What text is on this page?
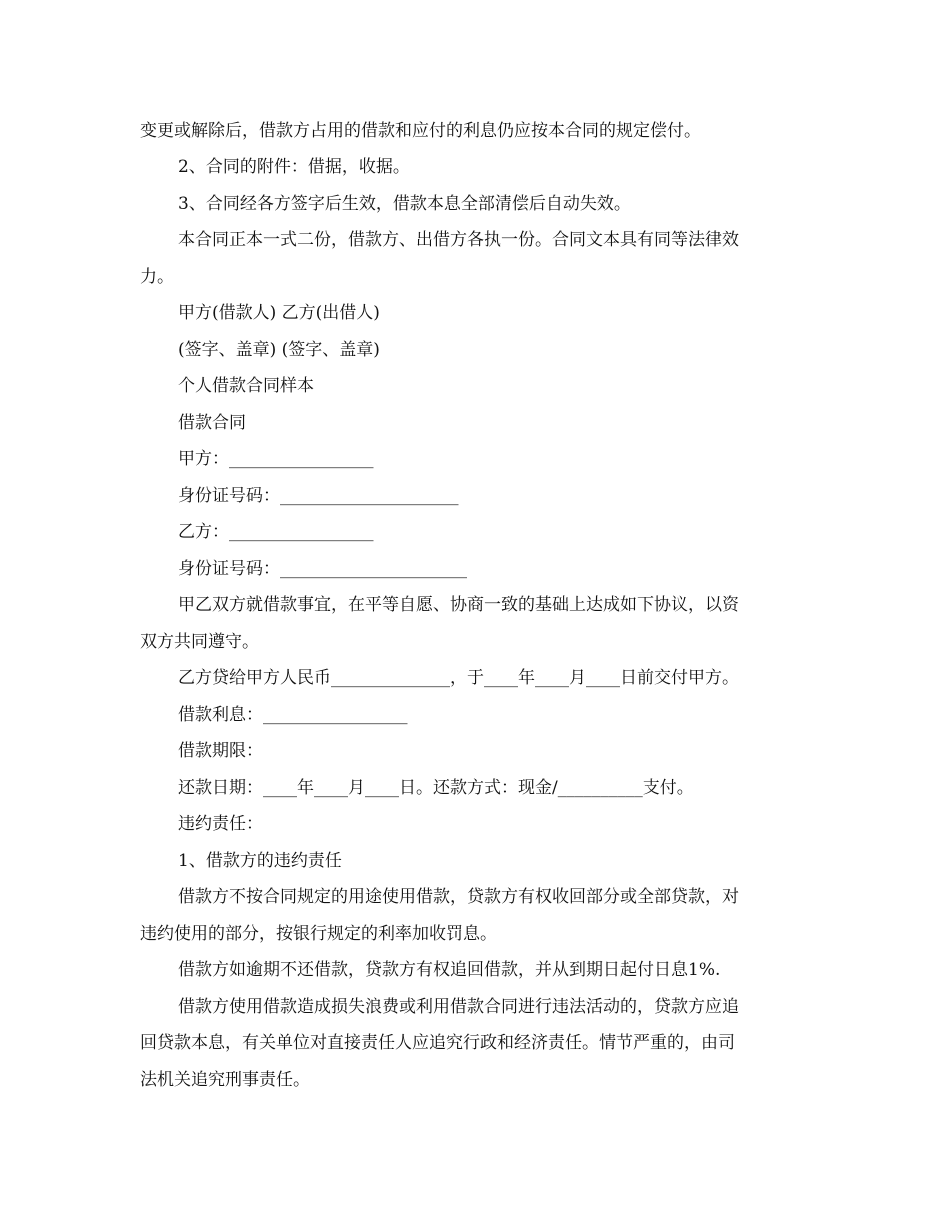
变更或解除后，借款方占用的借款和应付的利息仍应按本合同的规定偿付。
2、合同的附件：借据，收据。
3、合同经各方签字后生效，借款本息全部清偿后自动失效。
本合同正本一式二份，借款方、出借方各执一份。合同文本具有同等法律效
力。
甲方(借款人) 乙方(出借人)
(签字、盖章) (签字、盖章)
个人借款合同样本
借款合同
甲方：_________________
身份证号码：_____________________
乙方：_________________
身份证号码：______________________
甲乙双方就借款事宜，在平等自愿、协商一致的基础上达成如下协议，以资
双方共同遵守。
乙方贷给甲方人民币______________，于____年____月____日前交付甲方。
借款利息：_________________
借款期限：
还款日期：____年____月____日。还款方式：现金/__________支付。
违约责任：
1、借款方的违约责任
借款方不按合同规定的用途使用借款，贷款方有权收回部分或全部贷款，对
违约使用的部分，按银行规定的利率加收罚息。
借款方如逾期不还借款，贷款方有权追回借款，并从到期日起付日息1%.
借款方使用借款造成损失浪费或利用借款合同进行违法活动的，贷款方应追
回贷款本息，有关单位对直接责任人应追究行政和经济责任。情节严重的，由司
法机关追究刑事责任。
